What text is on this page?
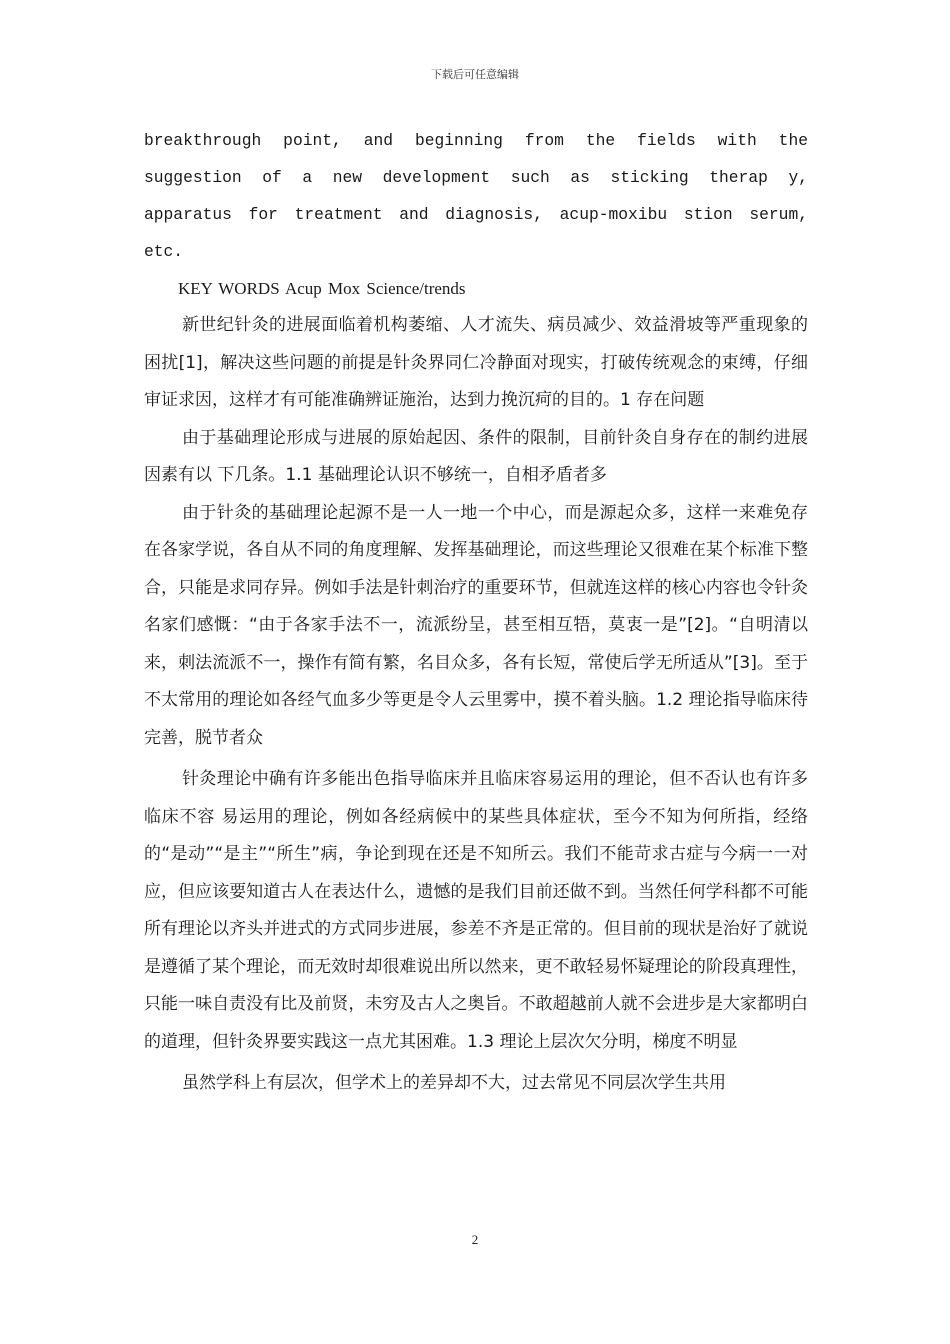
下载后可任意编辑

breakthrough point, and beginning from the fields with the suggestion of a new development such as sticking therap y, apparatus for treatment and diagnosis, acup-moxibu stion serum, etc.

KEY WORDS Acup Mox Science/trends

新世纪针灸的进展面临着机构萎缩、人才流失、病员减少、效益滑坡等严重现象的困扰[1]，解决这些问题的前提是针灸界同仁冷静面对现实，打破传统观念的束缚，仔细审证求因，这样才有可能准确辨证施治，达到力挽沉疴的目的。1 存在问题

由于基础理论形成与进展的原始起因、条件的限制，目前针灸自身存在的制约进展因素有以 下几条。1.1 基础理论认识不够统一，自相矛盾者多

由于针灸的基础理论起源不是一人一地一个中心，而是源起众多，这样一来难免存在各家学说，各自从不同的角度理解、发挥基础理论，而这些理论又很难在某个标准下整合，只能是求同存异。例如手法是针刺治疗的重要环节，但就连这样的核心内容也令针灸名家们感慨：“由于各家手法不一，流派纷呈，甚至相互牾，莫衷一是”[2]。“自明清以来，刺法流派不一，操作有简有繁，名目众多，各有长短，常使后学无所适从”[3]。至于不太常用的理论如各经气血多少等更是令人云里雾中，摸不着头脑。1.2 理论指导临床待完善，脱节者众

针灸理论中确有许多能出色指导临床并且临床容易运用的理论，但不否认也有许多临床不容 易运用的理论，例如各经病候中的某些具体症状，至今不知为何所指，经络的“是动”“是主”“所生”病，争论到现在还是不知所云。我们不能苛求古症与今病一一对应，但应该要知道古人在表达什么，遗憾的是我们目前还做不到。当然任何学科都不可能所有理论以齐头并进式的方式同步进展，参差不齐是正常的。但目前的现状是治好了就说是遵循了某个理论，而无效时却很难说出所以然来，更不敢轻易怀疑理论的阶段真理性，只能一味自责没有比及前贤，未穷及古人之奥旨。不敢超越前人就不会进步是大家都明白的道理，但针灸界要实践这一点尤其困难。1.3 理论上层次欠分明，梯度不明显

虽然学科上有层次，但学术上的差异却不大，过去常见不同层次学生共用

2
